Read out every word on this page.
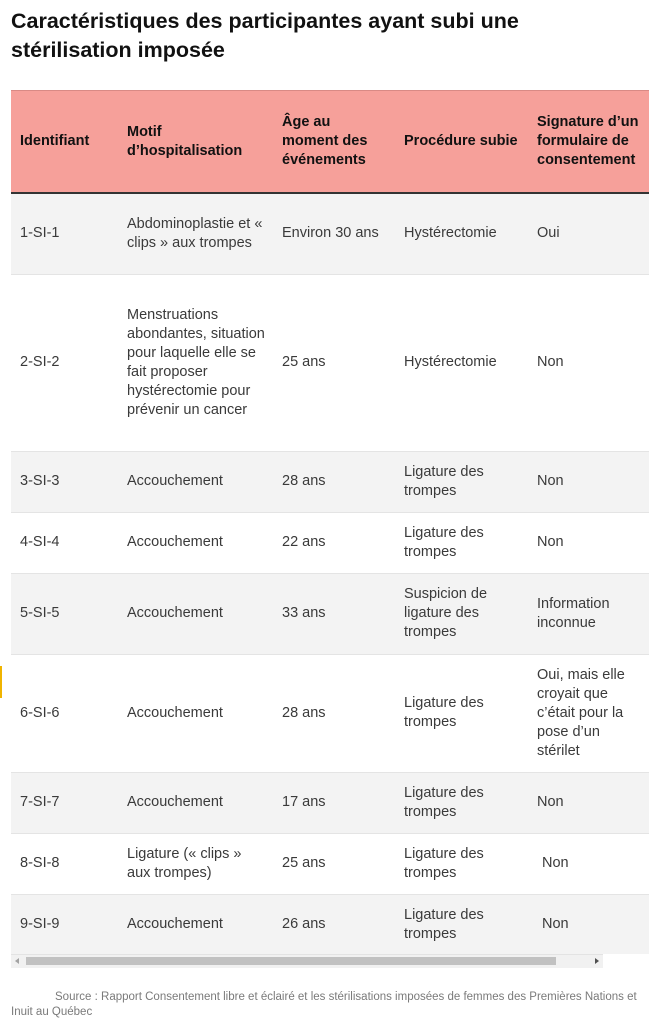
Caractéristiques des participantes ayant subi une stérilisation imposée
Identifiant	Motif d’hospitalisation	Âge au moment des événements	Procédure subie	Signature d’un formulaire de consentement
1-SI-1	Abdominoplastie et « clips » aux trompes	Environ 30 ans	Hystérectomie	Oui
2-SI-2	Menstruations abondantes, situation pour laquelle elle se fait proposer hystérectomie pour prévenir un cancer	25 ans	Hystérectomie	Non
3-SI-3	Accouchement	28 ans	Ligature des trompes	Non
4-SI-4	Accouchement	22 ans	Ligature des trompes	Non
5-SI-5	Accouchement	33 ans	Suspicion de ligature des trompes	Information inconnue
6-SI-6	Accouchement	28 ans	Ligature des trompes	Oui, mais elle croyait que c’était pour la pose d’un stérilet
7-SI-7	Accouchement	17 ans	Ligature des trompes	Non
8-SI-8	Ligature (« clips » aux trompes)	25 ans	Ligature des trompes	Non
9-SI-9	Accouchement	26 ans	Ligature des trompes	Non

Source : Rapport Consentement libre et éclairé et les stérilisations imposées de femmes des Premières Nations et Inuit au Québec
